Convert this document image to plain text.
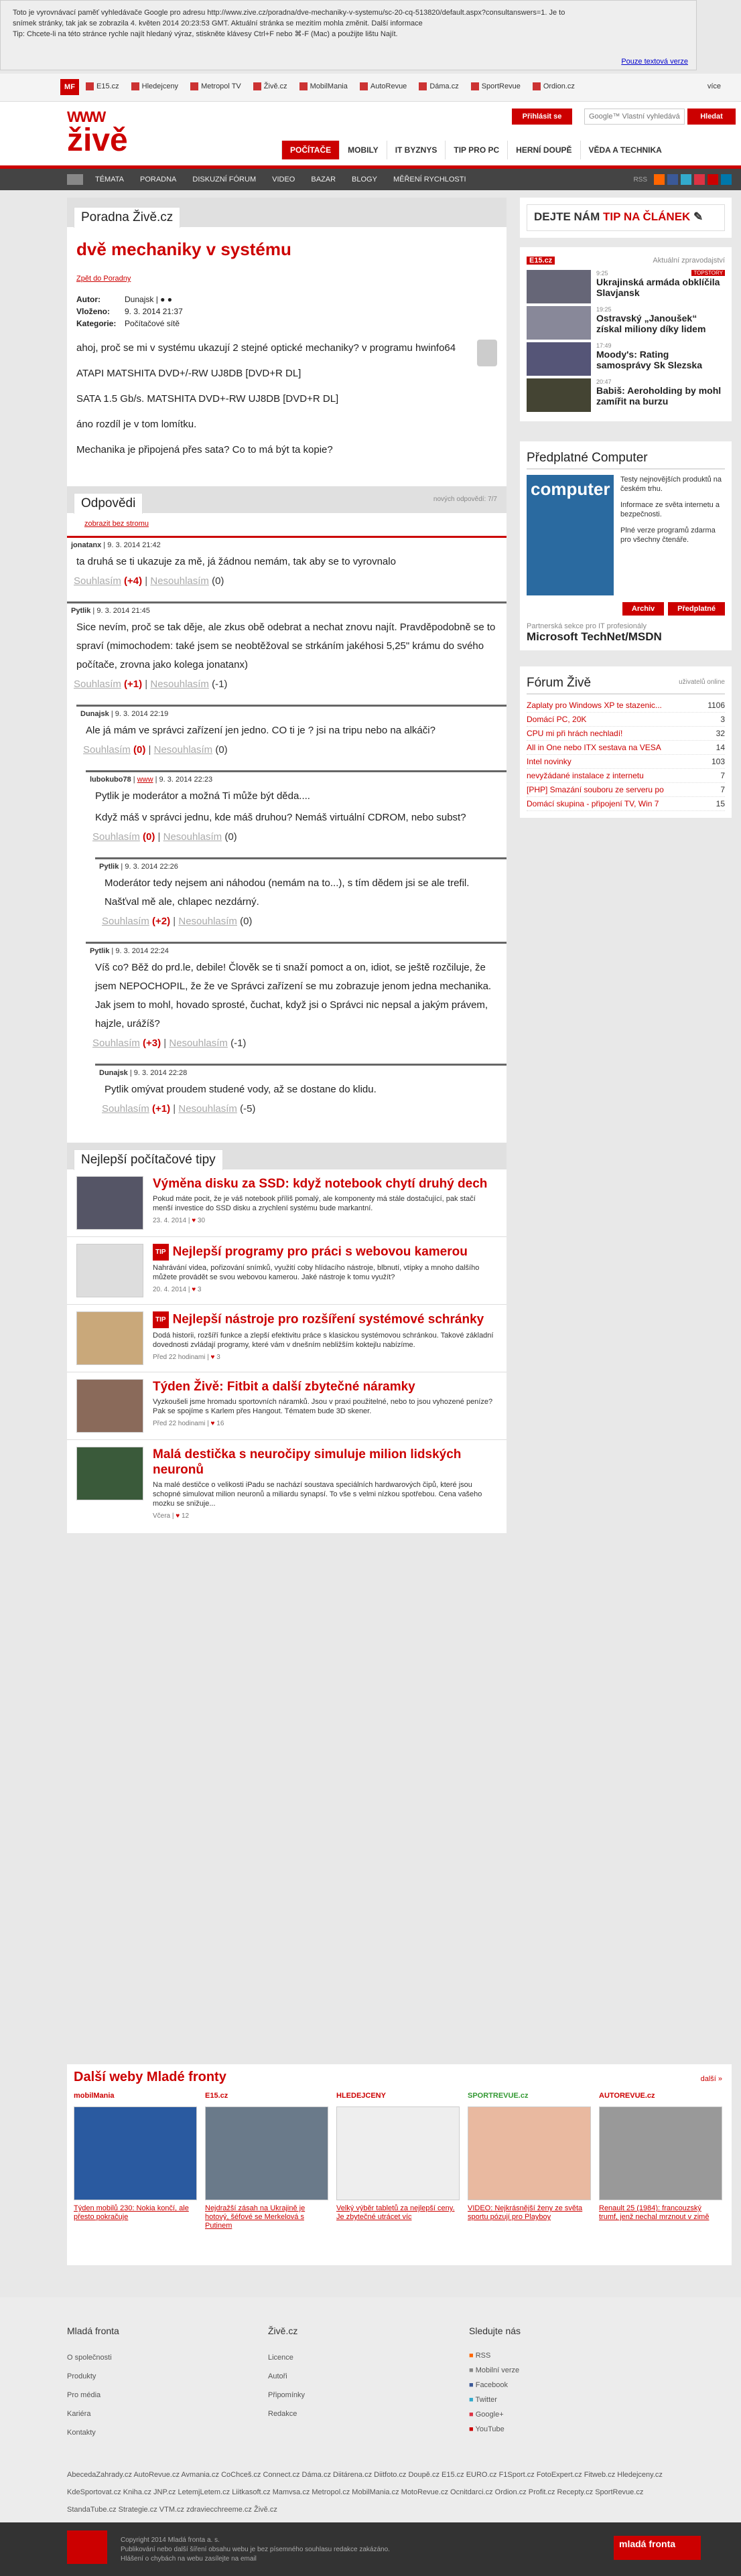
Toto je vyrovnávací paměť vyhledávače Google pro adresu http://www.zive.cz/poradna/dve-mechaniky-v-systemu/sc-20-cq-513820/default.aspx?consultanswers=1. Je to
snímek stránky, tak jak se zobrazila 4. květen 2014 20:23:53 GMT. Aktuální stránka se mezitím mohla změnit. Další informace
Tip: Chcete-li na této stránce rychle najít hledaný výraz, stiskněte klávesy Ctrl+F nebo ⌘-F (Mac) a použijte lištu Najít.
Pouze textová verze
MF	E15.cz	Hledejceny	Metropol TV	Živě.cz	MobilMania	AutoRevue	Dáma.cz	SportRevue	Ordion.cz	více
WWW
živě
Přihlásit se
Google™ Vlastní vyhledávání	Hledat
POČÍTAČE	MOBILY	IT BYZNYS	TIP PRO PC	HERNÍ DOUPĚ	VĚDA A TECHNIKA
TÉMATA	PORADNA	DISKUZNÍ FÓRUM	VIDEO	BAZAR	BLOGY	MĚŘENÍ RYCHLOSTI	RSS
Poradna Živě.cz
dvě mechaniky v systému
Zpět do Poradny
Autor:	Dunajsk | ● ●
Vloženo:	9. 3. 2014 21:37
Kategorie:	Počítačové sítě

ahoj, proč se mi v systému ukazují 2 stejné optické mechaniky? v programu hwinfo64

ATAPI MATSHITA DVD+/-RW UJ8DB [DVD+R DL]

SATA 1.5 Gb/s. MATSHITA DVD+-RW UJ8DB [DVD+R DL]

áno rozdíl je v tom lomítku.

Mechanika je připojená přes sata? Co to má být ta kopie?

Odpovědi	nových odpovědí: 7/7
zobrazit bez stromu
jonatanx | 9. 3. 2014 21:42
ta druhá se ti ukazuje za mě, já žádnou nemám, tak aby se to vyrovnalo
Souhlasím (+4) | Nesouhlasím (0)
Pytlik | 9. 3. 2014 21:45
Sice nevím, proč se tak děje, ale zkus obě odebrat a nechat znovu najít. Pravděpodobně se to spraví (mimochodem: také jsem se neobtěžoval se strkáním jakéhosi 5,25" krámu do svého počítače, zrovna jako kolega jonatanx)
Souhlasím (+1) | Nesouhlasím (-1)
Dunajsk | 9. 3. 2014 22:19
Ale já mám ve správci zařízení jen jedno. CO ti je ? jsi na tripu nebo na alkáči?
Souhlasím (0) | Nesouhlasím (0)
lubokubo78 | www | 9. 3. 2014 22:23
Pytlik je moderátor a možná Ti může být děda....
Když máš v správci jednu, kde máš druhou? Nemáš virtuální CDROM, nebo subst?
Souhlasím (0) | Nesouhlasím (0)
Pytlik | 9. 3. 2014 22:26
Moderátor tedy nejsem ani náhodou (nemám na to...), s tím dědem jsi se ale trefil. Našťval mě ale, chlapec nezdárný.
Souhlasím (+2) | Nesouhlasím (0)
Pytlik | 9. 3. 2014 22:24
Víš co? Běž do prd.le, debile! Člověk se ti snaží pomoct a on, idiot, se ještě rozčiluje, že jsem NEPOCHOPIL, že že ve Správci zařízení se mu zobrazuje jenom jedna mechanika. Jak jsem to mohl, hovado sprosté, čuchat, když jsi o Správci nic nepsal a jakým právem, hajzle, urážíš?
Souhlasím (+3) | Nesouhlasím (-1)
Dunajsk | 9. 3. 2014 22:28
Pytlik omývat proudem studené vody, až se dostane do klidu.
Souhlasím (+1) | Nesouhlasím (-5)
Nejlepší počítačové tipy
Výměna disku za SSD: když notebook chytí druhý dech

Pokud máte pocit, že je váš notebook příliš pomalý, ale komponenty má stále dostačující, pak stačí menší investice do SSD disku a zrychlení systému bude markantní.

23. 4. 2014 | ♥ 30
TIP Nejlepší programy pro práci s webovou kamerou

Nahrávání videa, pořizování snímků, využití coby hlídacího nástroje, blbnutí, vtípky a mnoho dalšího můžete provádět se svou webovou kamerou. Jaké nástroje k tomu využít?

20. 4. 2014 | ♥ 3
TIP Nejlepší nástroje pro rozšíření systémové schránky

Dodá historii, rozšíří funkce a zlepší efektivitu práce s klasickou systémovou schránkou. Takové základní dovednosti zvládají programy, které vám v dnešním nebližším koktejlu nabízíme.

Před 22 hodinami | ♥ 3
Týden Živě: Fitbit a další zbytečné náramky

Vyzkoušeli jsme hromadu sportovních náramků. Jsou v praxi použitelné, nebo to jsou vyhozené peníze? Pak se spojíme s Karlem přes Hangout. Tématem bude 3D skener.

Před 22 hodinami | ♥ 16
Malá destička s neuročipy simuluje milion lidských neuronů

Na malé destičce o velikosti iPadu se nachází soustava speciálních hardwarových čipů, které jsou schopné simulovat milion neuronů a miliardu synapsí. To vše s velmi nízkou spotřebou. Cena vašeho mozku se snižuje...

Včera | ♥ 12
DEJTE NÁM TIP NA ČLÁNEK ✎
E15.cz	Aktuální zpravodajství
9:25	TOPSTORY
Ukrajinská armáda obklíčila Slavjansk
19:25
Ostravský „Janoušek“ získal miliony díky lidem
17:49
Moody's: Rating samosprávy Sk Slezska
20:47
Babiš: Aeroholding by mohl zamířit na burzu
Předplatné Computer
computer	Testy nejnovějších produktů na českém trhu.

Informace ze světa internetu a bezpečnosti.

Plné verze programů zdarma pro všechny čtenáře.

Archiv	Předplatné
Partnerská sekce pro IT profesionály
Microsoft TechNet/MSDN
Fórum Živě	uživatelů online
Zaplaty pro Windows XP te stazenic...	1106
Domácí PC, 20K	3
CPU mi při hrách nechladí!	32
All in One nebo ITX sestava na VESA	14
Intel novinky	103
nevyžádané instalace z internetu	7
[PHP] Smazání souboru ze serveru po	7
Domácí skupina - připojení TV, Win 7	15
Další weby Mladé fronty	další »
mobilMania
Týden mobilů 230: Nokia končí, ale přesto pokračuje
E15.cz
Nejdražší zásah na Ukrajině je hotový, šéfové se Merkelová s Putinem
HLEDEJCENY
Velký výběr tabletů za nejlepší ceny. Je zbytečné utrácet víc
SPORTREVUE.cz
VIDEO: Nejkrásnější ženy ze světa sportu pózují pro Playboy
AUTOREVUE.cz
Renault 25 (1984): francouzský trumf, jenž nechal mrznout v zimě
Mladá fronta
O společnosti
Produkty
Pro média
Kariéra
Kontakty
Živě.cz
Licence
Autoři
Připomínky
Redakce
Sledujte nás
■ RSS
■ Mobilní verze
■ Facebook
■ Twitter
■ Google+
■ YouTube
AbecedaZahrady.cz AutoRevue.cz Avmania.cz CoChceš.cz Connect.cz Dáma.cz Diitárena.cz Diitfoto.cz Doupě.cz E15.cz EURO.cz F1Sport.cz FotoExpert.cz Fitweb.cz Hledejceny.cz KdeSportovat.cz Kniha.cz JNP.cz LetemjLetem.cz Liitkasoft.cz Mamvsa.cz Metropol.cz MobilMania.cz MotoRevue.cz Ocnitdarci.cz Ordion.cz Profit.cz Recepty.cz SportRevue.cz StandaTube.cz Strategie.cz VTM.cz zdraviecchreeme.cz Živě.cz
Copyright 2014 Mladá fronta a. s.
Publikování nebo další šíření obsahu webu je bez písemného souhlasu redakce zakázáno.
Hlášení o chybách na webu zasílejte na email
mladá fronta
